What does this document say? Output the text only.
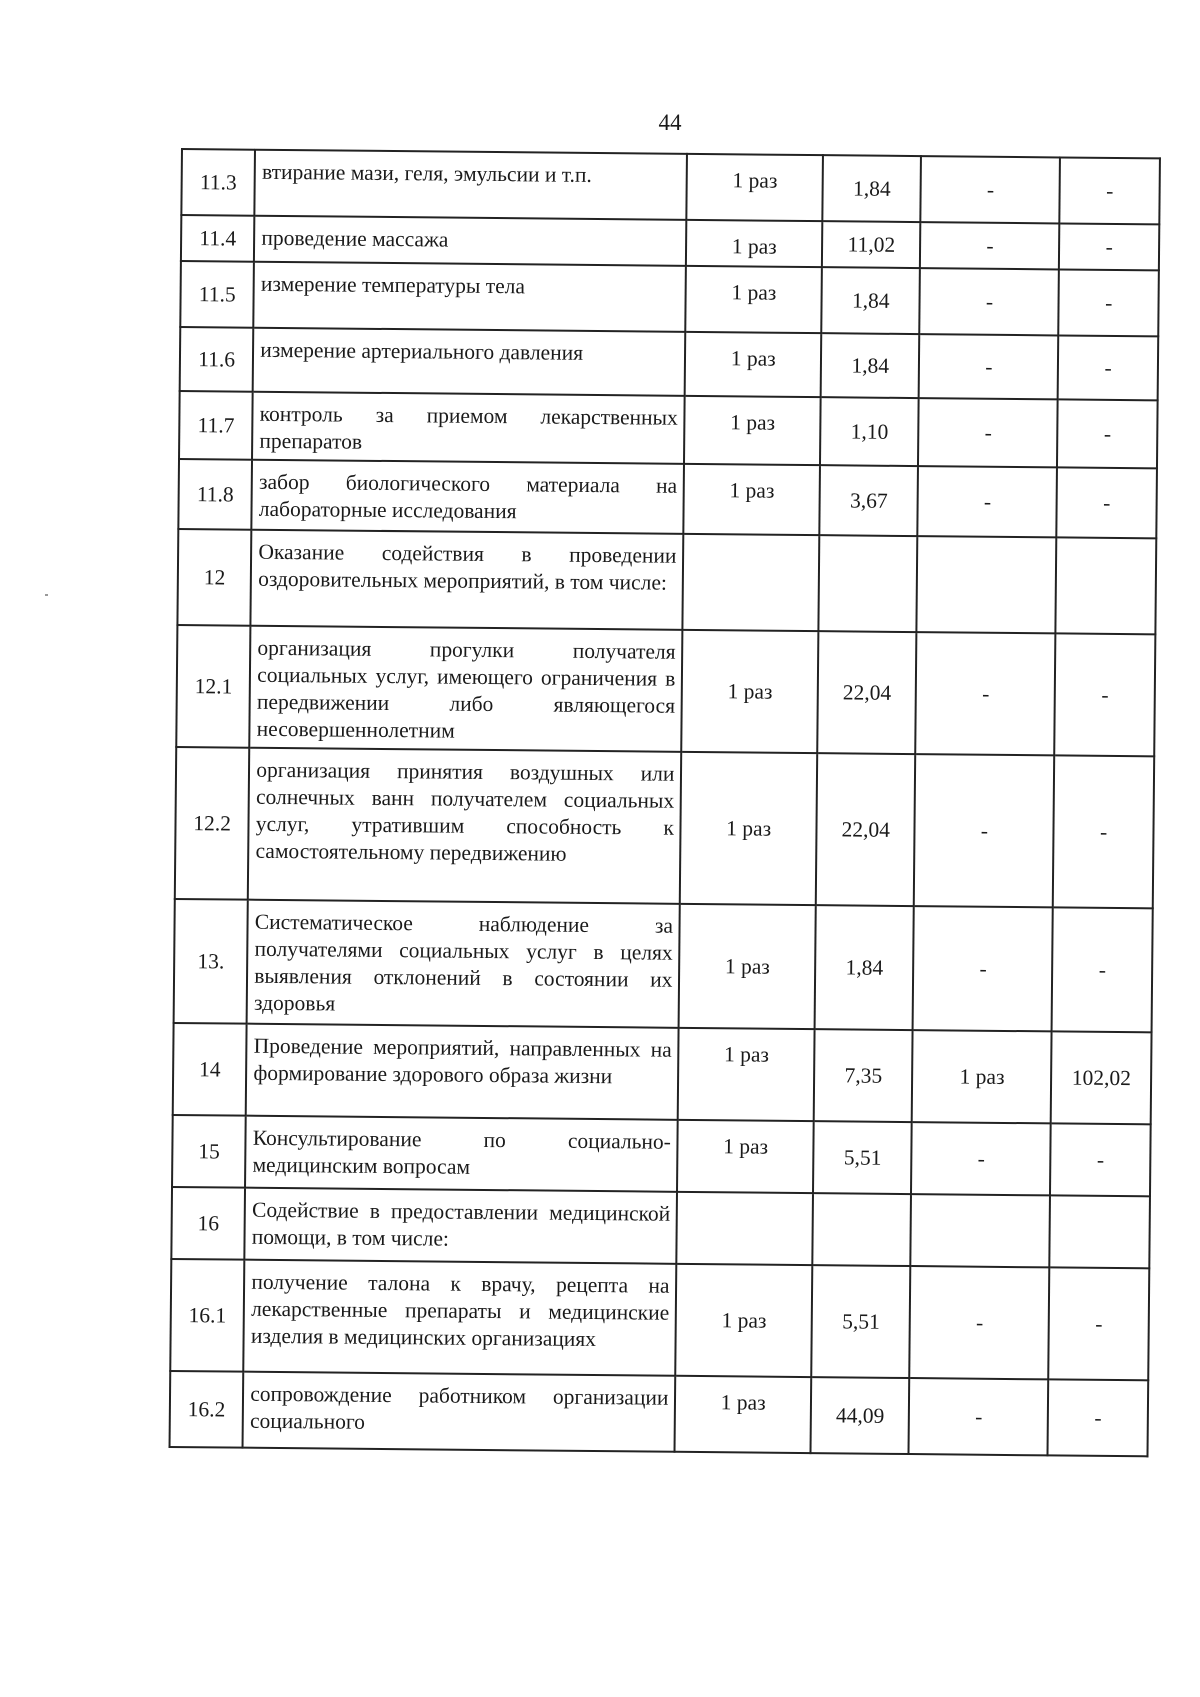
44
11.3	втирание мази, геля, эмульсии и т.п.	1 раз	1,84	-	-
11.4	проведение массажа	1 раз	11,02	-	-
11.5	измерение температуры тела	1 раз	1,84	-	-
11.6	измерение артериального давления	1 раз	1,84	-	-
11.7	контроль за приемом лекарственных препаратов	1 раз	1,10	-	-
11.8	забор биологического материала на лабораторные исследования	1 раз	3,67	-	-
12	Оказание содействия в проведении оздоровительных мероприятий, в том числе:				
12.1	организация прогулки получателя социальных услуг, имеющего ограничения в передвижении либо являющегося несовершеннолетним	1 раз	22,04	-	-
12.2	организация принятия воздушных или солнечных ванн получателем социальных услуг, утратившим способность к самостоятельному передвижению	1 раз	22,04	-	-
13.	Систематическое наблюдение за получателями социальных услуг в целях выявления отклонений в состоянии их здоровья	1 раз	1,84	-	-
14	Проведение мероприятий, направленных на формирование здорового образа жизни	1 раз	7,35	1 раз	102,02
15	Консультирование по социально-медицинским вопросам	1 раз	5,51	-	-
16	Содействие в предоставлении медицинской помощи, в том числе:				
16.1	получение талона к врачу, рецепта на лекарственные препараты и медицинские изделия в медицинских организациях	1 раз	5,51	-	-
16.2	сопровождение работником организации социального	1 раз	44,09	-	-
